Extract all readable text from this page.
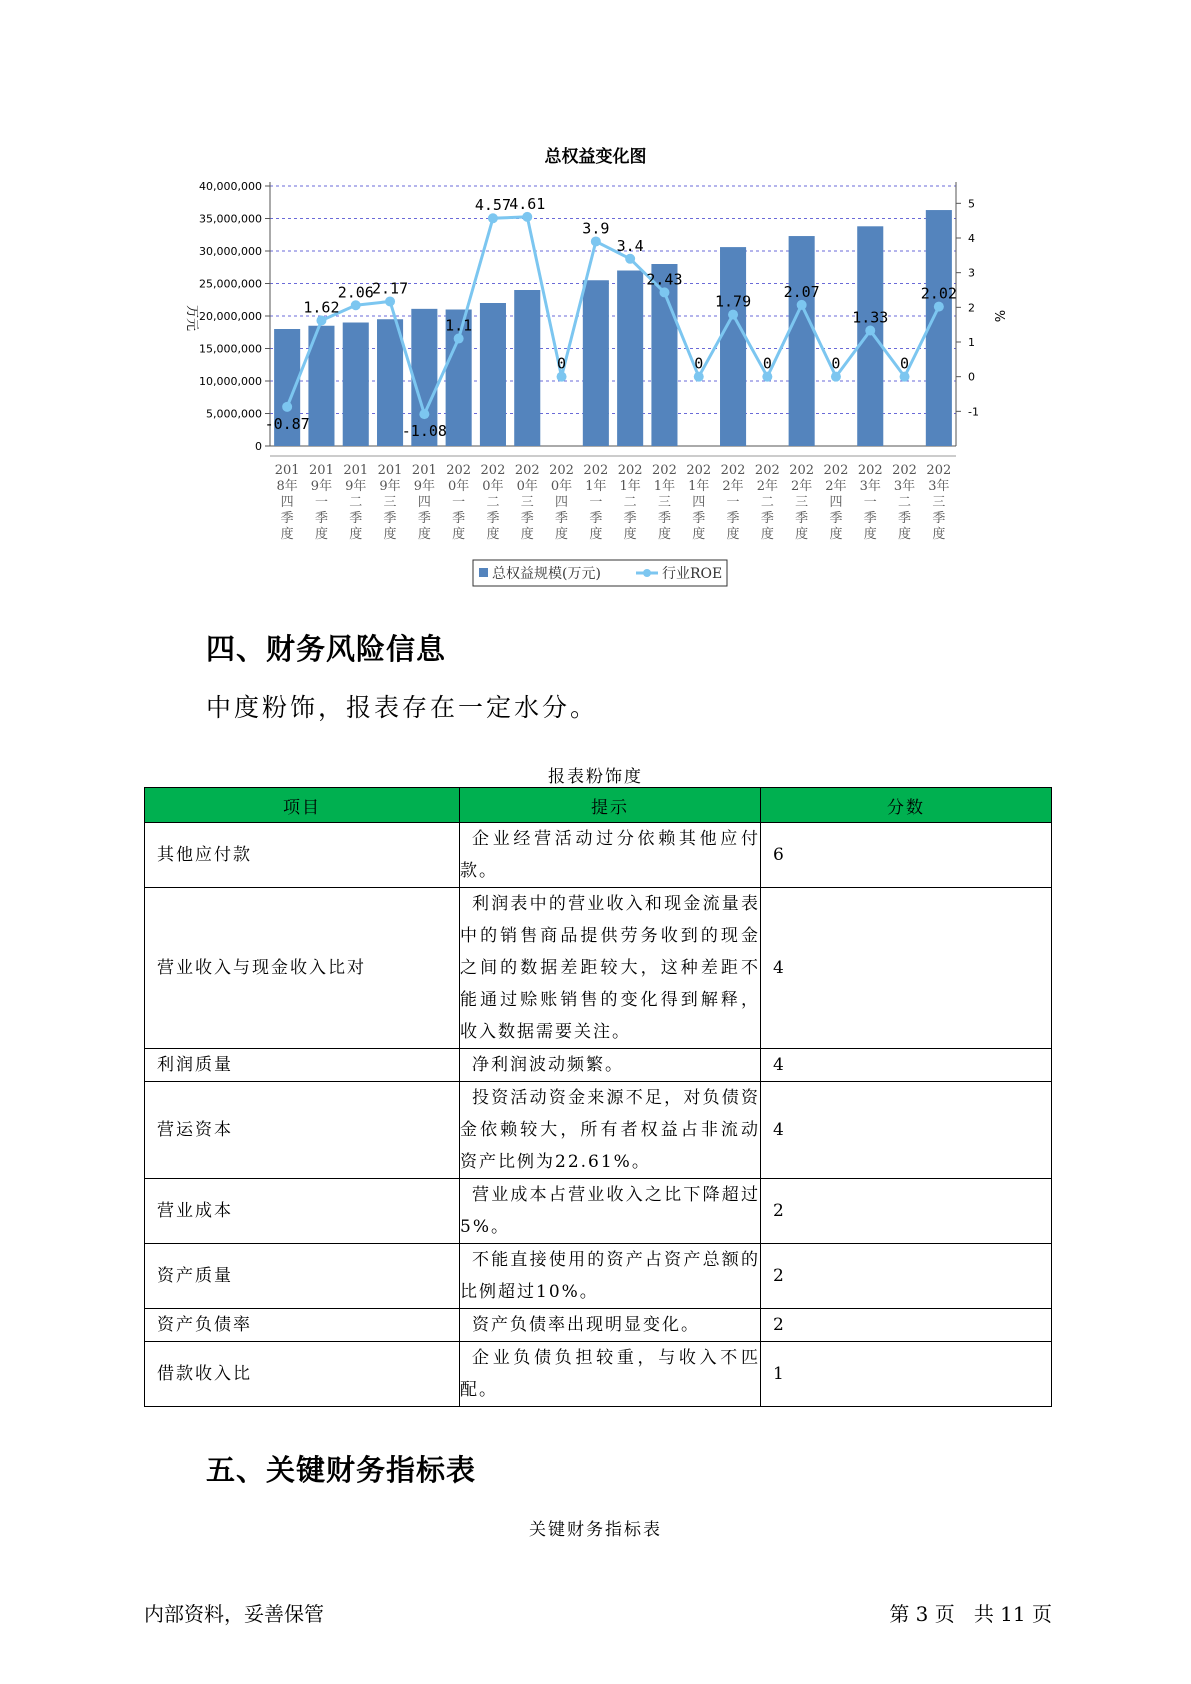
总权益变化图
0
5,000,000
10,000,000
15,000,000
20,000,000
25,000,000
30,000,000
35,000,000
40,000,000
-1
0
1
2
3
4
5
万元	%
-0.87
1.62
2.06
2.17
-1.08
1.1
4.57
4.61
0
3.9
3.4
2.43
0
1.79
0
2.07
0
1.33
0
2.02
201 8年四季度
201 9年一季度
201 9年二季度
201 9年三季度
201 9年四季度
202 0年一季度
202 0年二季度
202 0年三季度
202 0年四季度
202 1年一季度
202 1年二季度
202 1年三季度
202 1年四季度
202 2年一季度
202 2年二季度
202 2年三季度
202 2年四季度
202 3年一季度
202 3年二季度
202 3年三季度
总权益规模(万元)	行业ROE
四、财务风险信息
中度粉饰，报表存在一定水分。
报表粉饰度
项目	提示	分数
其他应付款	企业经营活动过分依赖其他应付款。	6
营业收入与现金收入比对	利润表中的营业收入和现金流量表中的销售商品提供劳务收到的现金之间的数据差距较大，这种差距不能通过赊账销售的变化得到解释，收入数据需要关注。	4
利润质量	净利润波动频繁。	4
营运资本	投资活动资金来源不足，对负债资金依赖较大，所有者权益占非流动资产比例为22.61%。	4
营业成本	营业成本占营业收入之比下降超过5%。	2
资产质量	不能直接使用的资产占资产总额的比例超过10%。	2
资产负债率	资产负债率出现明显变化。	2
借款收入比	企业负债负担较重，与收入不匹配。	1
五、关键财务指标表
关键财务指标表
内部资料，妥善保管	第 3 页   共 11 页
